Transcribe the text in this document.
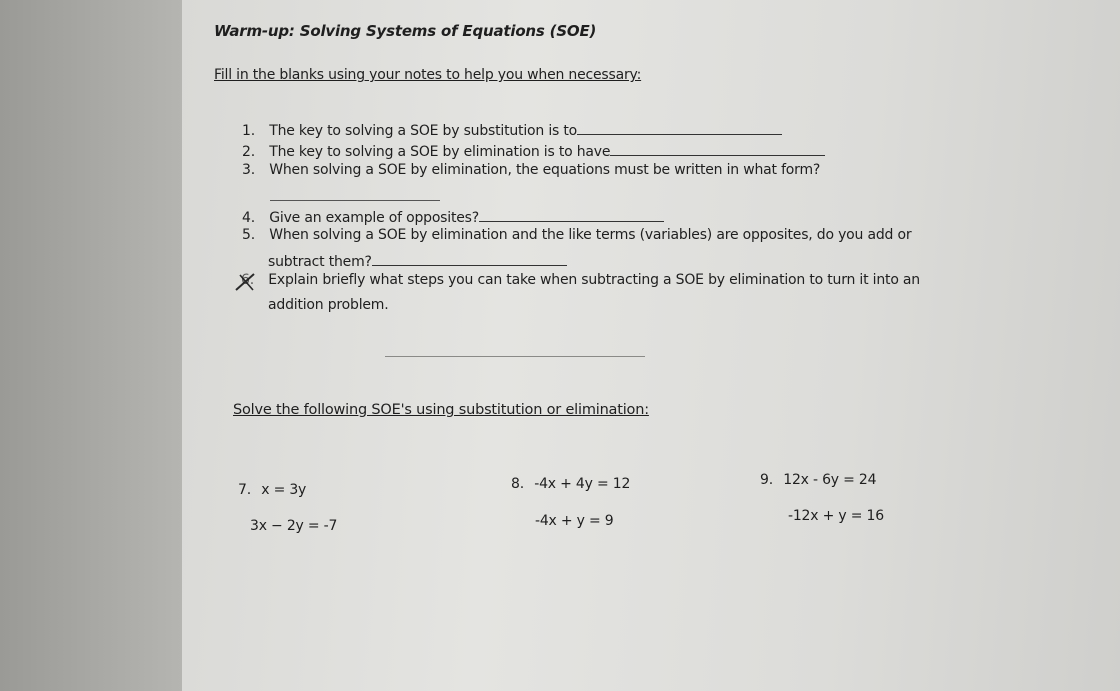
Warm-up: Solving Systems of Equations (SOE)
Fill in the blanks using your notes to help you when necessary:
1. The key to solving a SOE by substitution is to
2. The key to solving a SOE by elimination is to have
3. When solving a SOE by elimination, the equations must be written in what form?
4. Give an example of opposites?
5. When solving a SOE by elimination and the like terms (variables) are opposites, do you add or
subtract them?
6. Explain briefly what steps you can take when subtracting a SOE by elimination to turn it into an
addition problem.
Solve the following SOE's using substitution or elimination:
7. x = 3y
3x − 2y = -7
8. -4x + 4y = 12
-4x + y = 9
9. 12x - 6y = 24
-12x + y = 16
